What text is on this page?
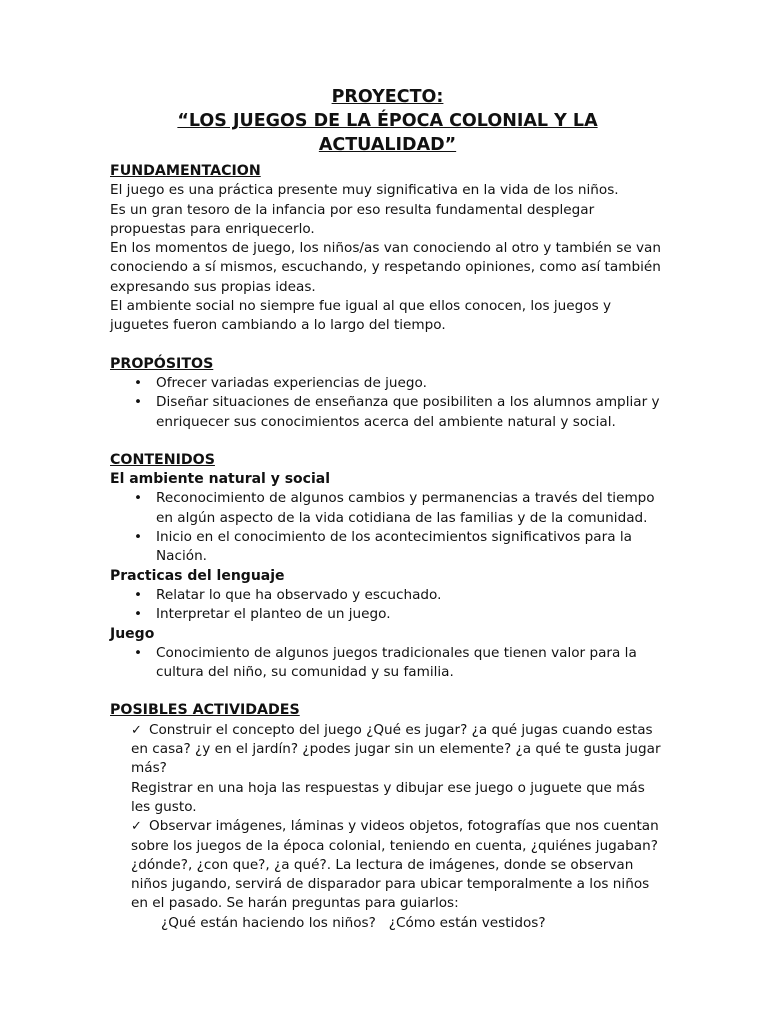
PROYECTO:
“LOS JUEGOS DE LA ÉPOCA COLONIAL Y LA
ACTUALIDAD”
FUNDAMENTACION

El juego es una práctica presente muy significativa en la vida de los niños.

Es un gran tesoro de la infancia por eso resulta fundamental desplegar propuestas para enriquecerlo.

En los momentos de juego, los niños/as van conociendo al otro y también se van conociendo a sí mismos, escuchando, y respetando opiniones, como así también expresando sus propias ideas.

El ambiente social no siempre fue igual al que ellos conocen, los juegos y juguetes fueron cambiando a lo largo del tiempo.

PROPÓSITOS
• Ofrecer variadas experiencias de juego.
• Diseñar situaciones de enseñanza que posibiliten a los alumnos ampliar y enriquecer sus conocimientos acerca del ambiente natural y social.
CONTENIDOS
El ambiente natural y social
• Reconocimiento de algunos cambios y permanencias a través del tiempo en algún aspecto de la vida cotidiana de las familias y de la comunidad.
• Inicio en el conocimiento de los acontecimientos significativos para la Nación.
Practicas del lenguaje
• Relatar lo que ha observado y escuchado.
• Interpretar el planteo de un juego.
Juego
• Conocimiento de algunos juegos tradicionales que tienen valor para la cultura del niño, su comunidad y su familia.
POSIBLES ACTIVIDADES

✓ Construir el concepto del juego ¿Qué es jugar? ¿a qué jugas cuando estas en casa? ¿y en el jardín? ¿podes jugar sin un elemente? ¿a qué te gusta jugar más?

Registrar en una hoja las respuestas y dibujar ese juego o juguete que más les gusto.

✓ Observar imágenes, láminas y videos objetos, fotografías que nos cuentan sobre los juegos de la época colonial, teniendo en cuenta, ¿quiénes jugaban? ¿dónde?, ¿con que?, ¿a qué?. La lectura de imágenes, donde se observan niños jugando, servirá de disparador para ubicar temporalmente a los niños en el pasado. Se harán preguntas para guiarlos:

¿Qué están haciendo los niños?   ¿Cómo están vestidos?
